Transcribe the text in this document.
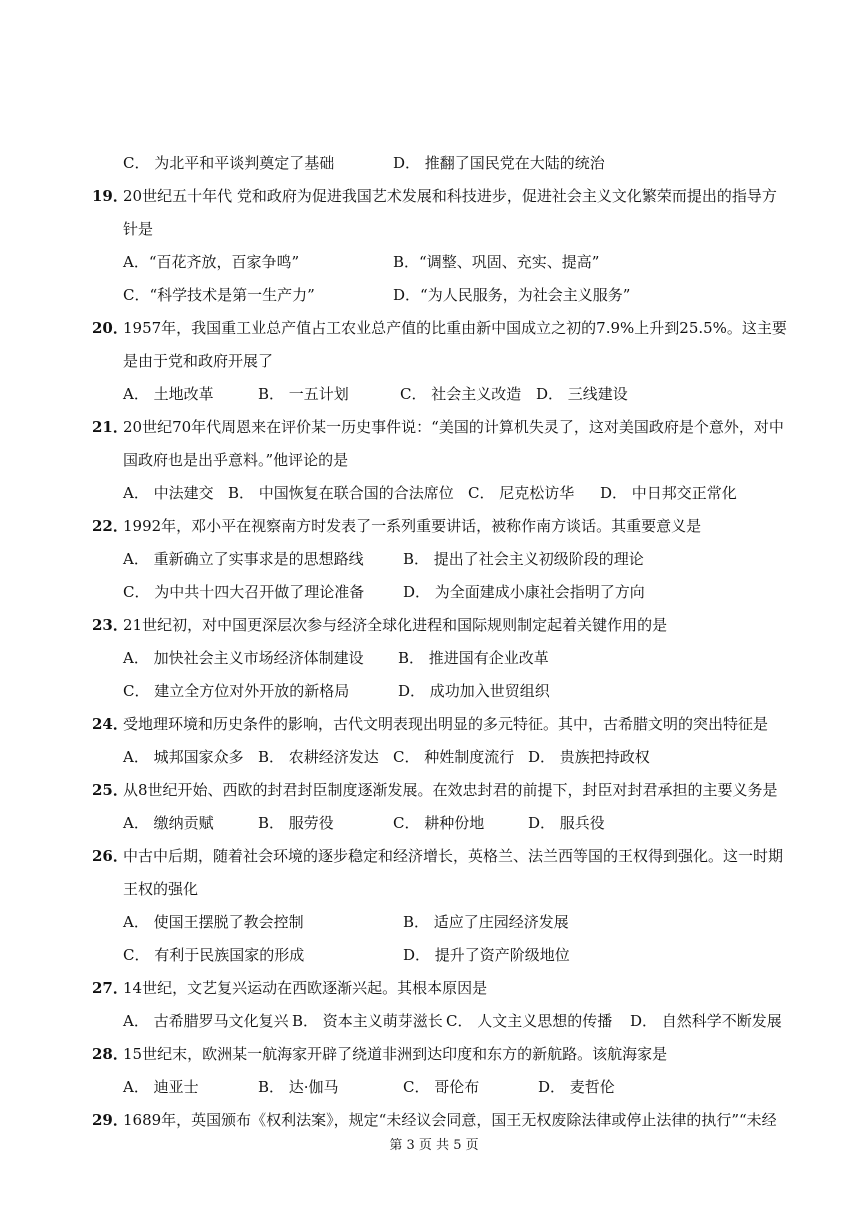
C． 为北平和平谈判奠定了基础	D． 推翻了国民党在大陆的统治
19．
20世纪五十年代 党和政府为促进我国艺术发展和科技进步，促进社会主义文化繁荣而提出的指导方
针是
A．“百花齐放，百家争鸣”	B．“调整、巩固、充实、提高”
C．“科学技术是第一生产力”	D．“为人民服务，为社会主义服务”
20．
1957年，我国重工业总产值占工农业总产值的比重由新中国成立之初的7.9%上升到25.5%。这主要
是由于党和政府开展了
A． 土地改革	B． 一五计划	C． 社会主义改造 D． 三线建设
21．
20世纪70年代周恩来在评价某一历史事件说：“美国的计算机失灵了，这对美国政府是个意外，对中
国政府也是出乎意料。”他评论的是
A． 中法建交 B． 中国恢复在联合国的合法席位 C． 尼克松访华 D． 中日邦交正常化
22．
1992年，邓小平在视察南方时发表了一系列重要讲话，被称作南方谈话。其重要意义是
A． 重新确立了实事求是的思想路线	B． 提出了社会主义初级阶段的理论
C． 为中共十四大召开做了理论准备	D． 为全面建成小康社会指明了方向
23．
21世纪初，对中国更深层次参与经济全球化进程和国际规则制定起着关键作用的是
A． 加快社会主义市场经济体制建设 B． 推进国有企业改革
C． 建立全方位对外开放的新格局	D． 成功加入世贸组织
24．
受地理环境和历史条件的影响，古代文明表现出明显的多元特征。其中，古希腊文明的突出特征是
A． 城邦国家众多 B． 农耕经济发达 C． 种姓制度流行 D． 贵族把持政权
25．
从8世纪开始、西欧的封君封臣制度逐渐发展。在效忠封君的前提下，封臣对封君承担的主要义务是
A． 缴纳贡赋	B． 服劳役	C． 耕种份地	D． 服兵役
26．
中古中后期，随着社会环境的逐步稳定和经济增长，英格兰、法兰西等国的王权得到强化。这一时期
王权的强化
A． 使国王摆脱了教会控制	B． 适应了庄园经济发展
C． 有利于民族国家的形成	D． 提升了资产阶级地位
27．
14世纪，文艺复兴运动在西欧逐渐兴起。其根本原因是
A． 古希腊罗马文化复兴 B． 资本主义萌芽滋长 C． 人文主义思想的传播 D． 自然科学不断发展
28．
15世纪末，欧洲某一航海家开辟了绕道非洲到达印度和东方的新航路。该航海家是
A． 迪亚士	B． 达·伽马	C． 哥伦布	D． 麦哲伦
29．
1689年，英国颁布《权利法案》，规定“未经议会同意，国王无权废除法律或停止法律的执行”“未经
第 3 页 共 5 页
